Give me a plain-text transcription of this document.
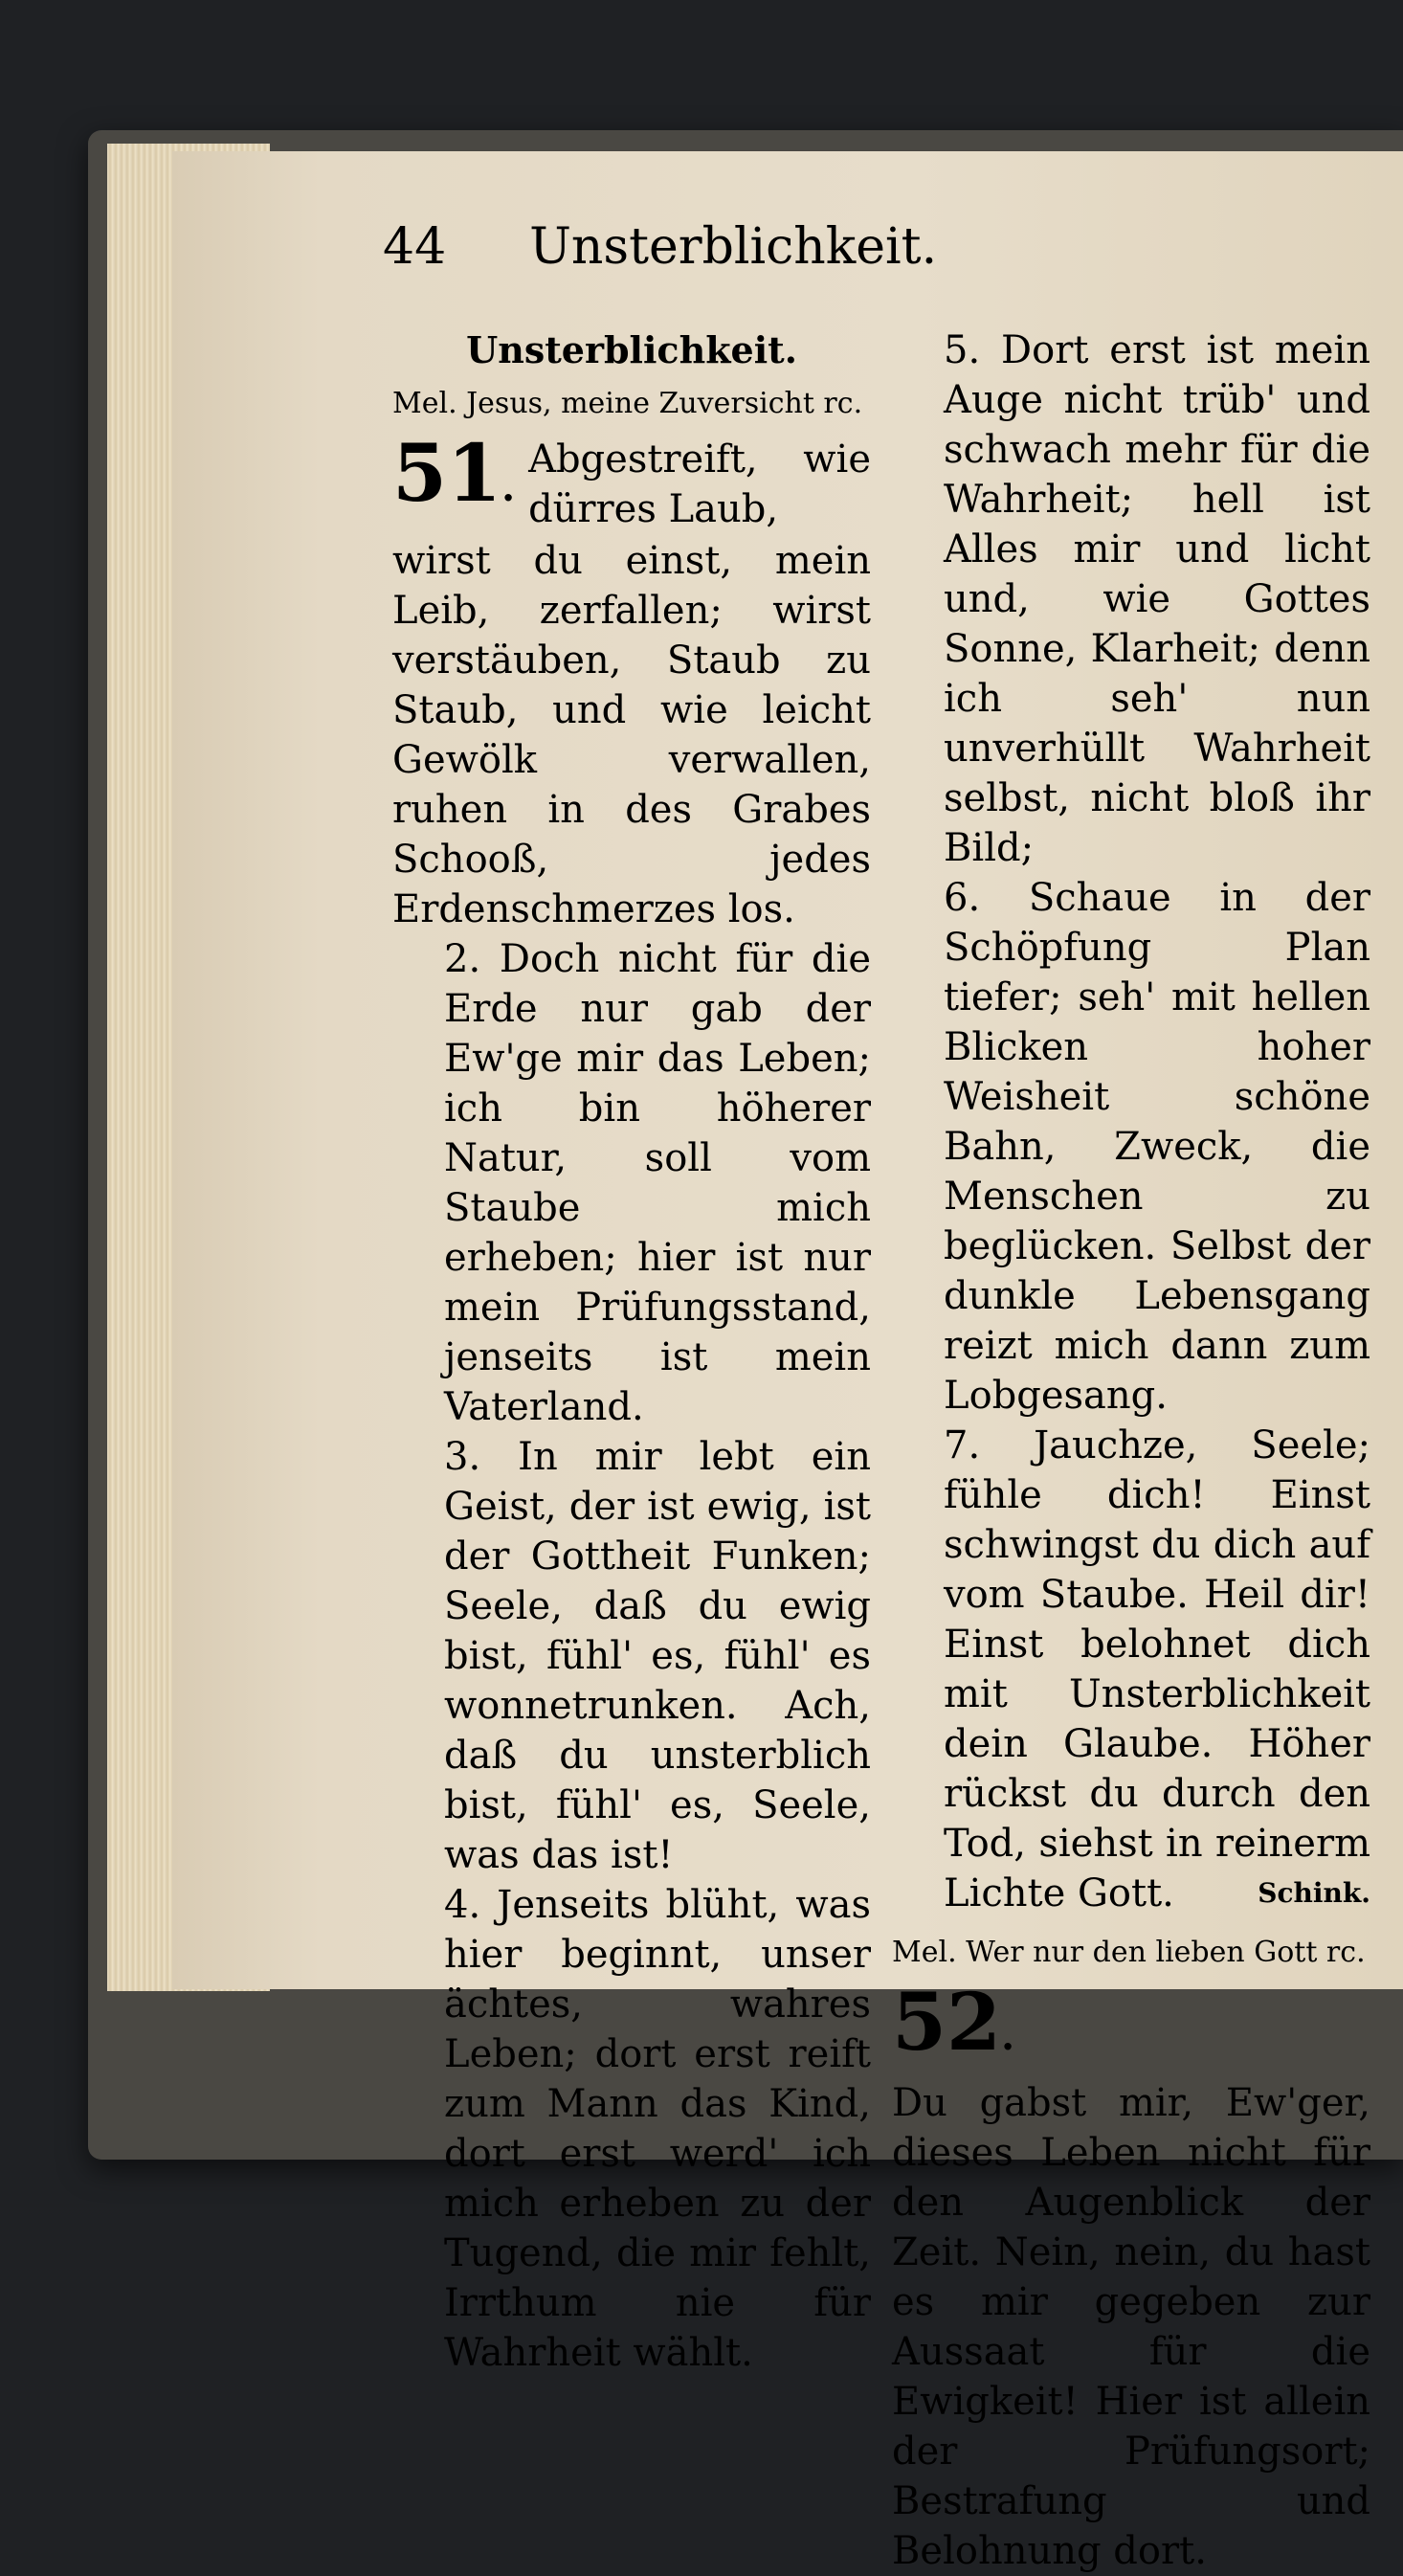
44 Unsterblichkeit.
Unsterblichkeit.
Mel. Jesus, meine Zuversicht rc.
51.

Abgestreift, wie dürres Laub,

wirst du einst, mein Leib, zerfallen; wirst verstäuben, Staub zu Staub, und wie leicht Gewölk verwallen, ruhen in des Grabes Schooß, jedes Erdenschmerzes los.

2. Doch nicht für die Erde nur gab der Ew'ge mir das Leben; ich bin höherer Natur, soll vom Staube mich erheben; hier ist nur mein Prüfungsstand, jenseits ist mein Vaterland.

3. In mir lebt ein Geist, der ist ewig, ist der Gottheit Funken; Seele, daß du ewig bist, fühl' es, fühl' es wonnetrunken. Ach, daß du unsterblich bist, fühl' es, Seele, was das ist!

4. Jenseits blüht, was hier beginnt, unser ächtes, wahres Leben; dort erst reift zum Mann das Kind, dort erst werd' ich mich erheben zu der Tugend, die mir fehlt, Irrthum nie für Wahrheit wählt.

5. Dort erst ist mein Auge nicht trüb' und schwach mehr für die Wahrheit; hell ist Alles mir und licht und, wie Gottes Sonne, Klarheit; denn ich seh' nun unverhüllt Wahrheit selbst, nicht bloß ihr Bild;

6. Schaue in der Schöpfung Plan tiefer; seh' mit hellen Blicken hoher Weisheit schöne Bahn, Zweck, die Menschen zu beglücken. Selbst der dunkle Lebensgang reizt mich dann zum Lobgesang.

7. Jauchze, Seele; fühle dich! Einst schwingst du dich auf vom Staube. Heil dir! Einst belohnet dich mit Unsterblichkeit dein Glaube. Höher rückst du durch den Tod, siehst in reinerm Lichte Gott.	Schink.
Mel. Wer nur den lieben Gott rc.
52.

Du gabst mir, Ew'ger, dieses Leben nicht für den Augenblick der Zeit. Nein, nein, du hast es mir gegeben zur Aussaat für die Ewigkeit! Hier ist allein der Prüfungsort; Bestrafung und Belohnung dort.
